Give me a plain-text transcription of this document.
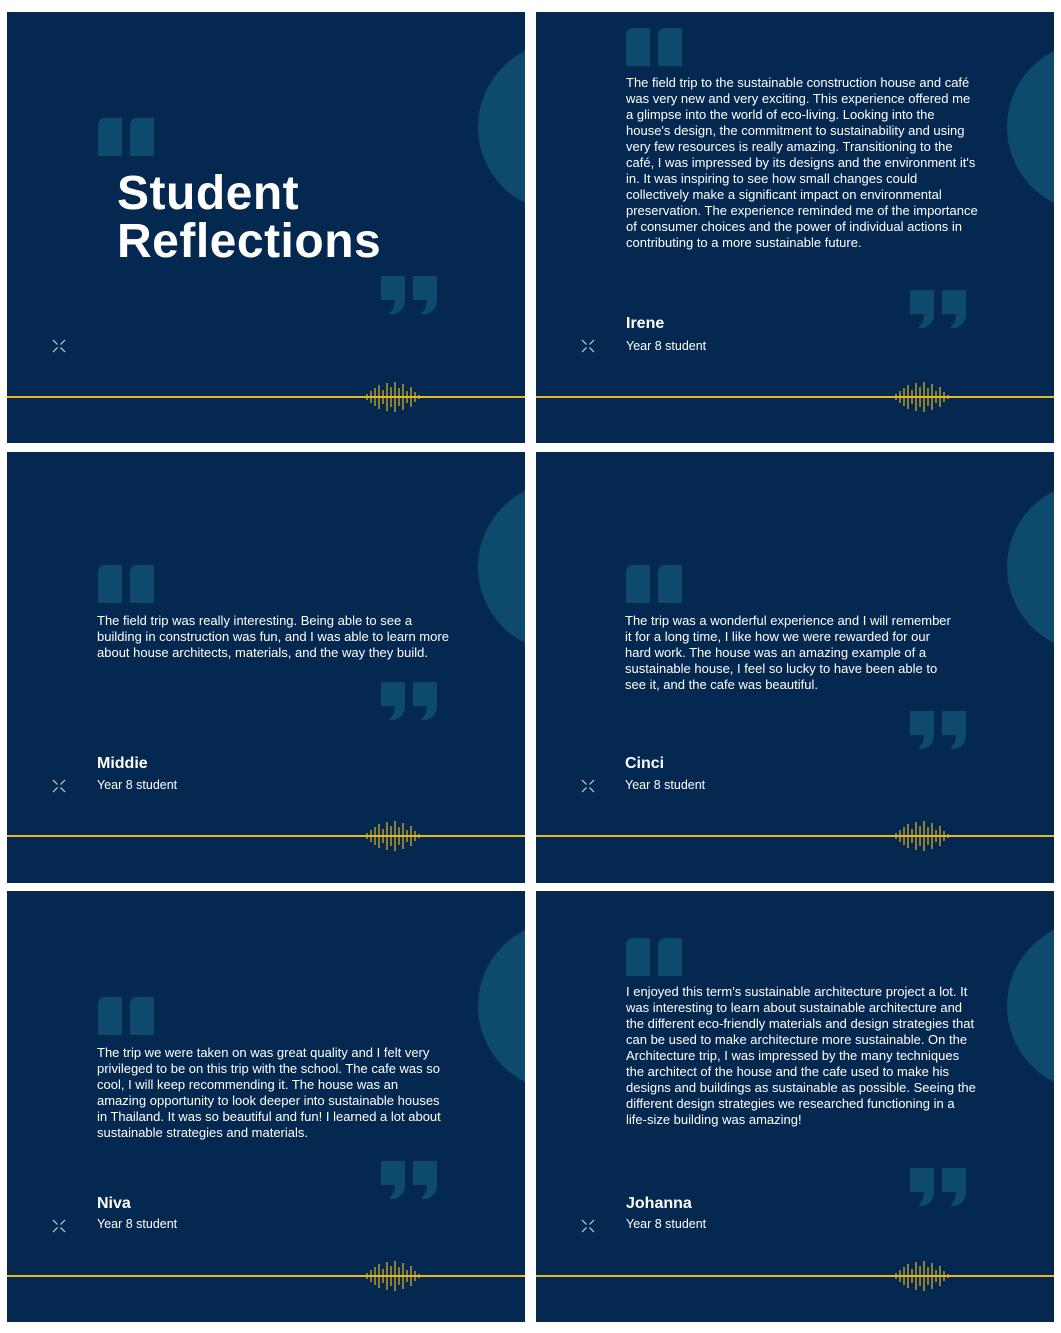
Student
Reflections

The field trip to the sustainable construction house and café was very new and very exciting. This experience offered me a glimpse into the world of eco-living. Looking into the house's design, the commitment to sustainability and using very few resources is really amazing. Transitioning to the café, I was impressed by its designs and the environment it's in. It was inspiring to see how small changes could collectively make a significant impact on environmental preservation. The experience reminded me of the importance of consumer choices and the power of individual actions in contributing to a more sustainable future.

Irene
Year 8 student

The field trip was really interesting. Being able to see a building in construction was fun, and I was able to learn more about house architects, materials, and the way they build.

Middie
Year 8 student

The trip was a wonderful experience and I will remember it for a long time, I like how we were rewarded for our hard work. The house was an amazing example of a sustainable house, I feel so lucky to have been able to see it, and the cafe was beautiful.

Cinci
Year 8 student

The trip we were taken on was great quality and I felt very privileged to be on this trip with the school. The cafe was so cool, I will keep recommending it. The house was an amazing opportunity to look deeper into sustainable houses in Thailand. It was so beautiful and fun! I learned a lot about sustainable strategies and materials.

Niva
Year 8 student

I enjoyed this term's sustainable architecture project a lot. It was interesting to learn about sustainable architecture and the different eco-friendly materials and design strategies that can be used to make architecture more sustainable. On the Architecture trip, I was impressed by the many techniques the architect of the house and the cafe used to make his designs and buildings as sustainable as possible. Seeing the different design strategies we researched functioning in a life-size building was amazing!

Johanna
Year 8 student
